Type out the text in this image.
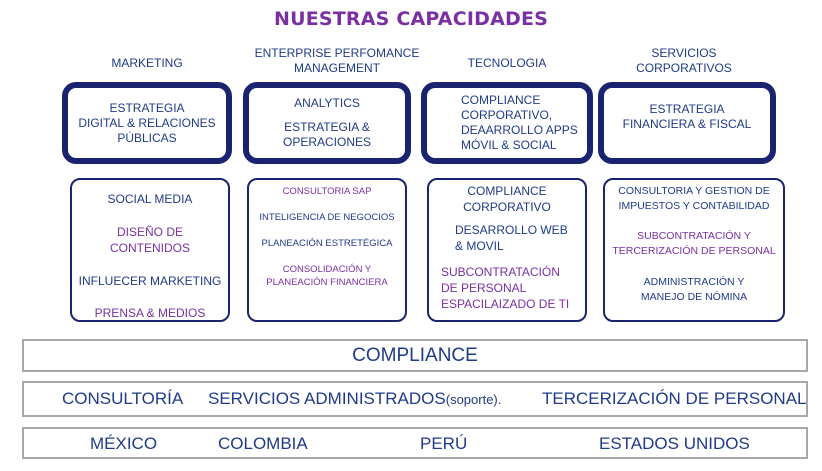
NUESTRAS CAPACIDADES
MARKETING
ENTERPRISE PERFOMANCE
MANAGEMENT	TECNOLOGIA
SERVICIOS
CORPORATIVOS
ESTRATEGIA
DIGITAL & RELACIONES
PÚBLICAS
ANALYTICS
ESTRATEGIA &
OPERACIONES
COMPLIANCE
CORPORATIVO,
DEAARROLLO APPS
MÓVIL & SOCIAL
ESTRATEGIA
FINANCIERA & FISCAL
SOCIAL MEDIA
DISEÑO DE
CONTENIDOS
INFLUECER MARKETING
PRENSA & MEDIOS
CONSULTORIA SAP
INTELIGENCIA DE NEGOCIOS
PLANEACIÓN ESTRETÉGICA
CONSOLIDACIÓN Y
PLANEACIÓN FINANCIERA
COMPLIANCE
CORPORATIVO
DESARROLLO WEB
& MOVIL
SUBCONTRATACIÓN
DE PERSONAL
ESPACILAIZADO DE TI
CONSULTORIA Y GESTION DE
IMPUESTOS Y CONTABILIDAD
SUBCONTRATACIÓN Y
TERCERIZACIÓN DE PERSONAL
ADMINISTRACIÓN Y
MANEJO DE NÓMINA
COMPLIANCE
CONSULTORÍA SERVICIOS ADMINISTRADOS(soporte). TERCERIZACIÓN DE PERSONAL
MÉXICO	COLOMBIA	PERÚ	ESTADOS UNIDOS
